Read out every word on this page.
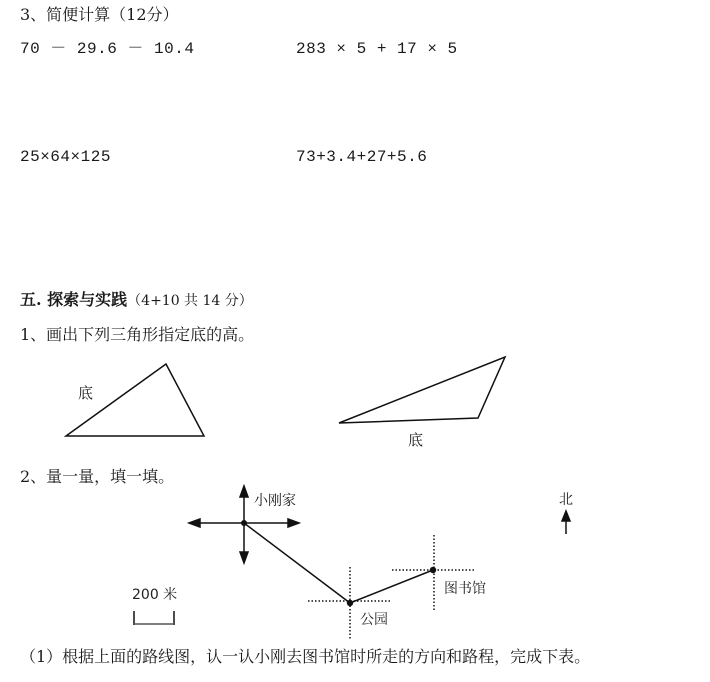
3、简便计算（12分）
70 － 29.6 － 10.4	283 × 5 + 17 × 5
25×64×125	73+3.4+27+5.6
五. 探索与实践（4+10 共 14 分）
1、画出下列三角形指定底的高。
底
底
2、量一量，填一填。
小刚家
公园
图书馆
北
200 米
（1）根据上面的路线图，认一认小刚去图书馆时所走的方向和路程，完成下表。
